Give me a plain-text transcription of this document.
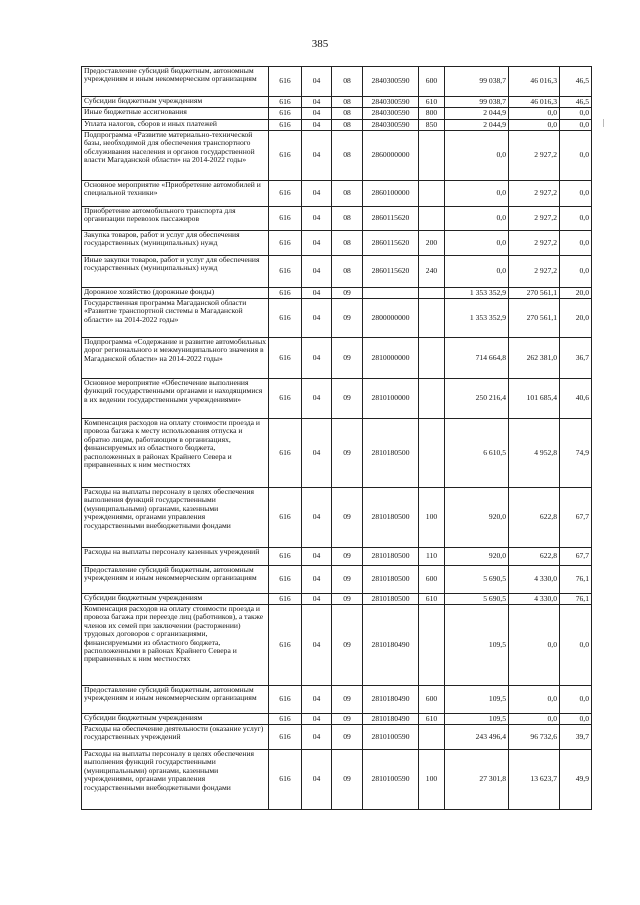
385
Предоставление субсидий бюджетным, автономным учреждениям и иным некоммерческим организациям	616	04	08	2840300590	600	99 038,7	46 016,3	46,5
Субсидии бюджетным учреждениям	616	04	08	2840300590	610	99 038,7	46 016,3	46,5
Иные бюджетные ассигнования	616	04	08	2840300590	800	2 044,9	0,0	0,0
Уплата налогов, сборов и иных платежей	616	04	08	2840300590	850	2 044,9	0,0	0,0
Подпрограмма «Развитие материально-технической базы, необходимой для обеспечения транспортного обслуживания населения и органов государственной власти Магаданской области» на 2014-2022 годы»	616	04	08	2860000000		0,0	2 927,2	0,0
Основное мероприятие «Приобретение автомобилей и специальной техники»	616	04	08	2860100000		0,0	2 927,2	0,0
Приобретение автомобильного транспорта для организации перевозок пассажиров	616	04	08	2860115620		0,0	2 927,2	0,0
Закупка товаров, работ и услуг для обеспечения государственных (муниципальных) нужд	616	04	08	2860115620	200	0,0	2 927,2	0,0
Иные закупки товаров, работ и услуг для обеспечения государственных (муниципальных) нужд	616	04	08	2860115620	240	0,0	2 927,2	0,0
Дорожное хозяйство (дорожные фонды)	616	04	09			1 353 352,9	270 561,1	20,0
Государственная программа Магаданской области «Развитие транспортной системы в Магаданской области» на 2014-2022 годы»	616	04	09	2800000000		1 353 352,9	270 561,1	20,0
Подпрограмма «Содержание и развитие автомобильных дорог регионального и межмуниципального значения в Магаданской области» на 2014-2022 годы»	616	04	09	2810000000		714 664,8	262 381,0	36,7
Основное мероприятие «Обеспечение выполнения функций государственными органами и находящимися в их ведении государственными учреждениями»	616	04	09	2810100000		250 216,4	101 685,4	40,6
Компенсация расходов на оплату стоимости проезда и провоза багажа к месту использования отпуска и обратно лицам, работающим в организациях, финансируемых из областного бюджета, расположенных в районах Крайнего Севера и приравненных к ним местностях	616	04	09	2810180500		6 610,5	4 952,8	74,9
Расходы на выплаты персоналу в целях обеспечения выполнения функций государственными (муниципальными) органами, казенными учреждениями, органами управления государственными внебюджетными фондами	616	04	09	2810180500	100	920,0	622,8	67,7
Расходы на выплаты персоналу казенных учреждений	616	04	09	2810180500	110	920,0	622,8	67,7
Предоставление субсидий бюджетным, автономным учреждениям и иным некоммерческим организациям	616	04	09	2810180500	600	5 690,5	4 330,0	76,1
Субсидии бюджетным учреждениям	616	04	09	2810180500	610	5 690,5	4 330,0	76,1
Компенсация расходов на оплату стоимости проезда и провоза багажа при переезде лиц (работников), а также членов их семей при заключении (расторжении) трудовых договоров с организациями, финансируемыми из областного бюджета, расположенными в районах Крайнего Севера и приравненных к ним местностях	616	04	09	2810180490		109,5	0,0	0,0
Предоставление субсидий бюджетным, автономным учреждениям и иным некоммерческим организациям	616	04	09	2810180490	600	109,5	0,0	0,0
Субсидии бюджетным учреждениям	616	04	09	2810180490	610	109,5	0,0	0,0
Расходы на обеспечение деятельности (оказание услуг) государственных учреждений	616	04	09	2810100590		243 496,4	96 732,6	39,7
Расходы на выплаты персоналу в целях обеспечения выполнения функций государственными (муниципальными) органами, казенными учреждениями, органами управления государственными внебюджетными фондами	616	04	09	2810100590	100	27 301,8	13 623,7	49,9
|
